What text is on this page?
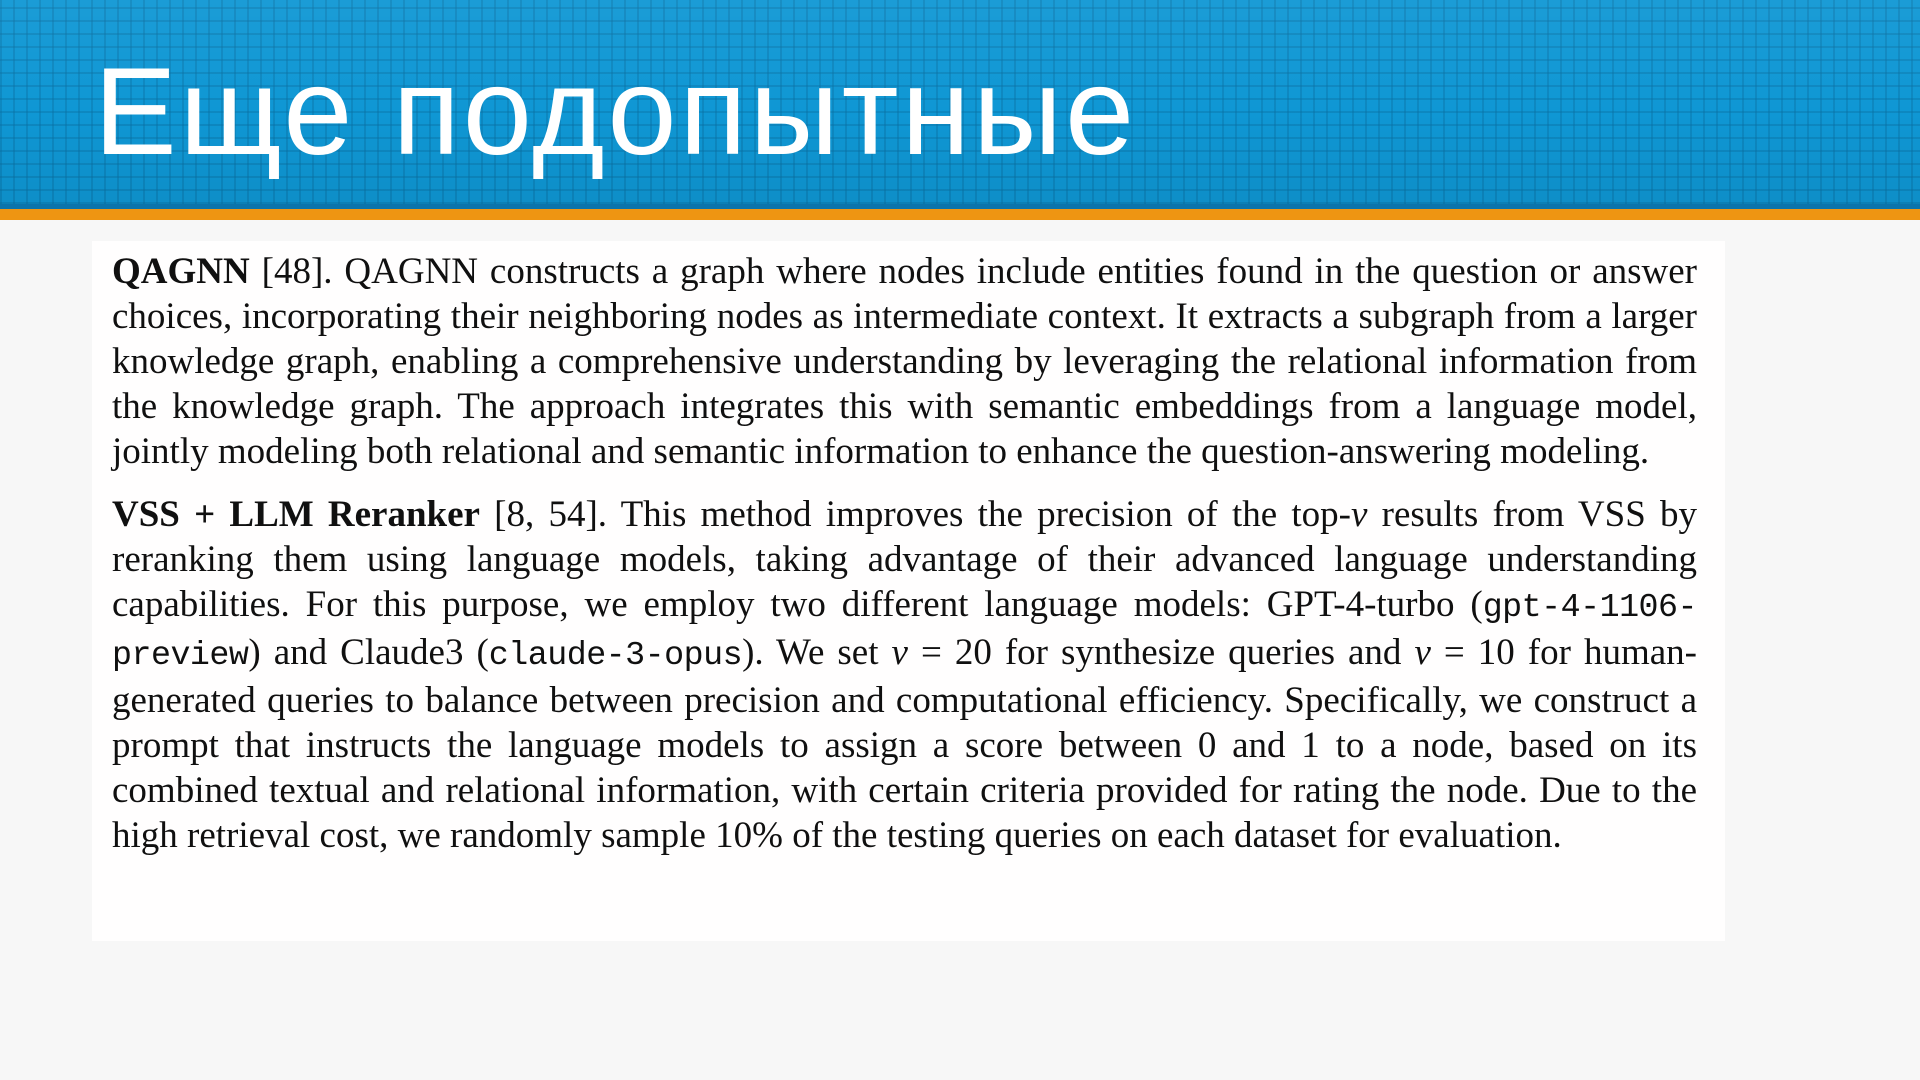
Еще подопытные

QAGNN [48]. QAGNN constructs a graph where nodes include entities found in the question or answer choices, incorporating their neighboring nodes as intermediate context. It extracts a subgraph from a larger knowledge graph, enabling a comprehensive understanding by leveraging the relational information from the knowledge graph. The approach integrates this with semantic embeddings from a language model, jointly modeling both relational and semantic information to enhance the question-answering modeling.

VSS + LLM Reranker [8, 54]. This method improves the precision of the top-v results from VSS by reranking them using language models, taking advantage of their advanced language understanding capabilities. For this purpose, we employ two different language models: GPT-4-turbo (gpt-4-1106-preview) and Claude3 (claude-3-opus). We set v = 20 for synthesize queries and v = 10 for human-generated queries to balance between precision and computational efficiency. Specifically, we construct a prompt that instructs the language models to assign a score between 0 and 1 to a node, based on its combined textual and relational information, with certain criteria provided for rating the node. Due to the high retrieval cost, we randomly sample 10% of the testing queries on each dataset for evaluation.
